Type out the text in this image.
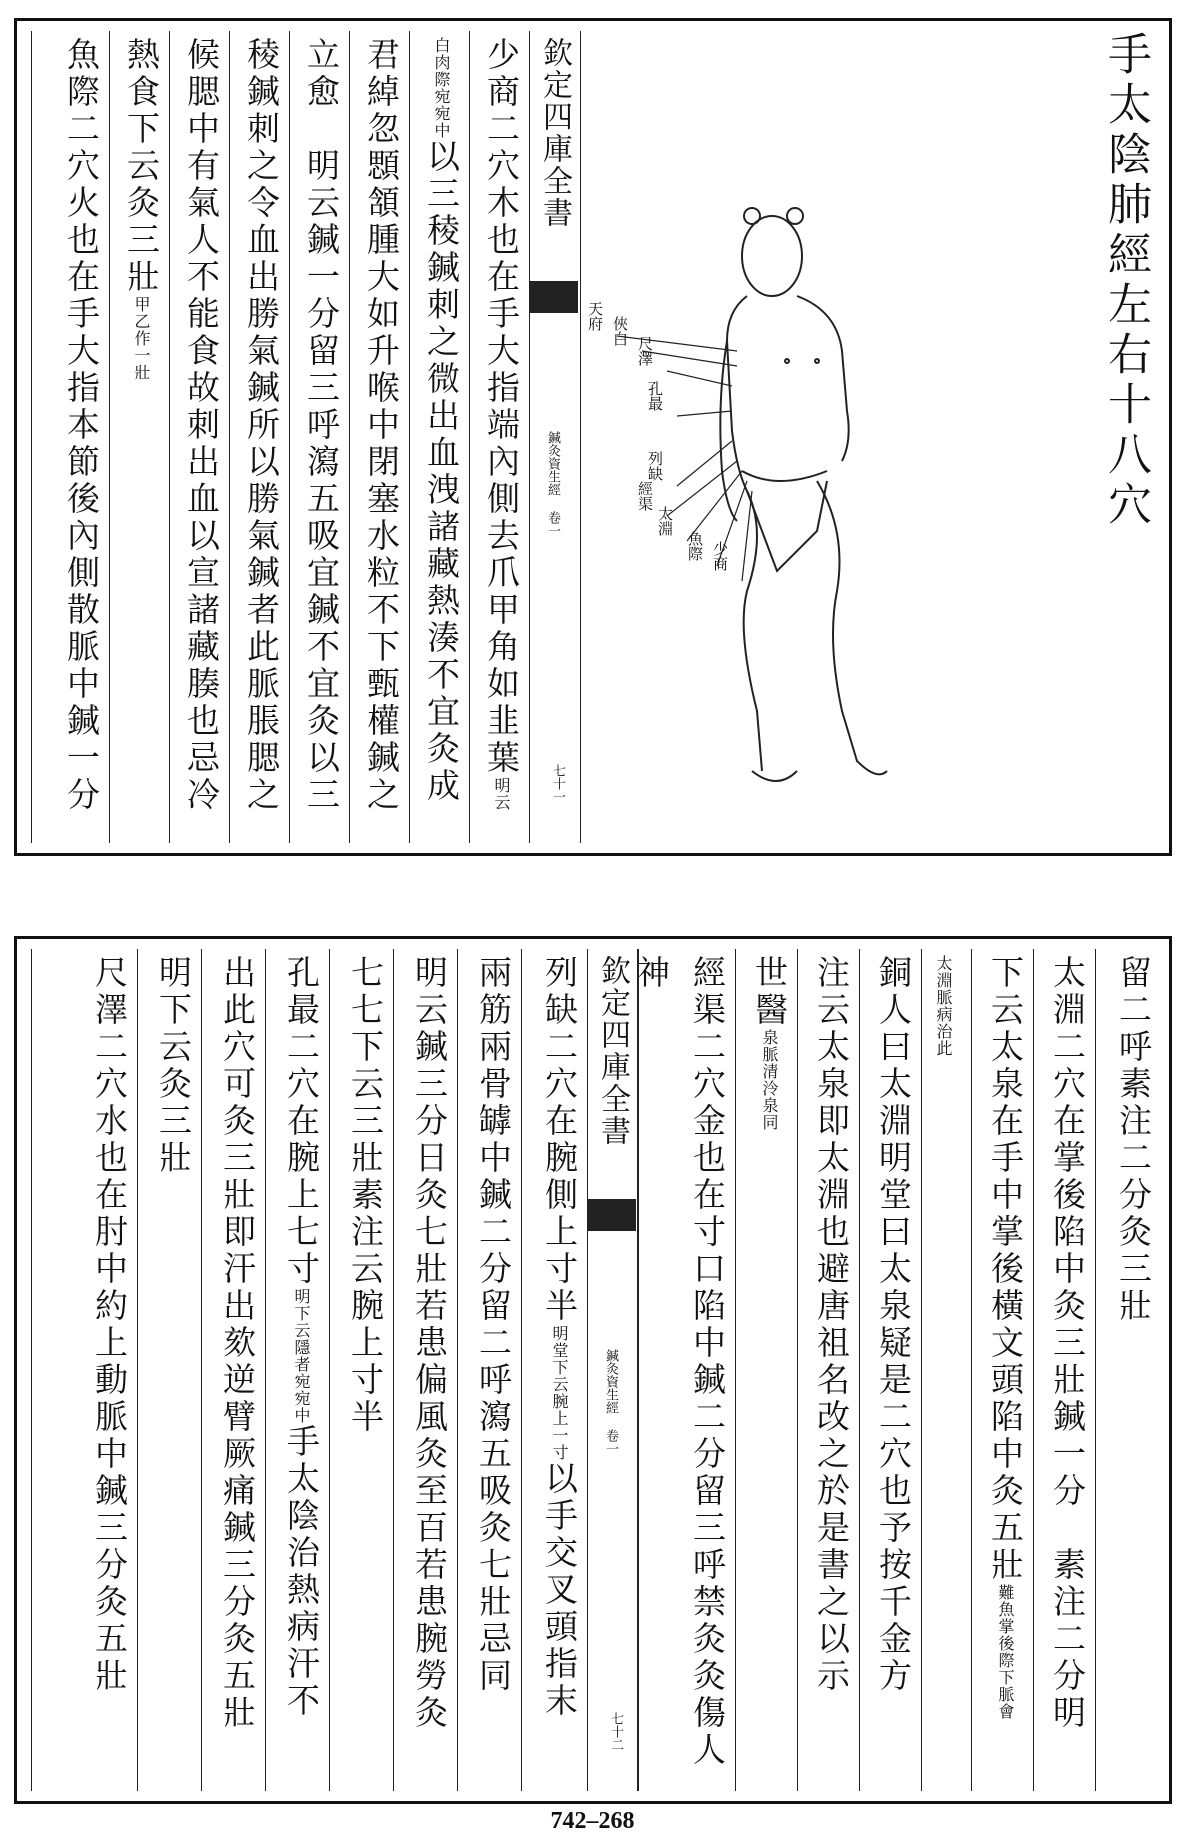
手太陰肺經左右十八穴
天府 俠白
尺澤
孔最
列缺
經渠
太淵
魚際 少商
欽定四庫全書
鍼灸資生經 卷一
七十一
少商二穴木也在手大指端內側去爪甲角如韭葉明云
白肉際宛宛中以三稜鍼刺之微出血洩諸藏熱湊不宜灸成
君綽忽顋頷腫大如升喉中閉塞水粒不下甄權鍼之
立愈　明云鍼一分留三呼瀉五吸宜鍼不宜灸以三
稜鍼刺之令血出勝氣鍼所以勝氣鍼者此脈脹腮之
候腮中有氣人不能食故刺出血以宣諸藏腠也忌冷
熱食下云灸三壯甲乙作一壯
魚際二穴火也在手大指本節後內側散脈中鍼一分
留二呼素注二分灸三壯
太淵二穴在掌後陷中灸三壯鍼一分　素注二分明
下云太泉在手中掌後橫文頭陷中灸五壯難魚掌後際下脈會
太淵脈病治此
銅人曰太淵明堂曰太泉疑是二穴也予按千金方
注云太泉即太淵也避唐祖名改之於是書之以示
世醫泉脈清泠泉同
經渠二穴金也在寸口陷中鍼二分留三呼禁灸灸傷人神
欽定四庫全書
鍼灸資生經 卷一
七十二
列缺二穴在腕側上寸半明堂下云腕上一寸以手交叉頭指末
兩筋兩骨罅中鍼二分留二呼瀉五吸灸七壯忌同
明云鍼三分日灸七壯若患偏風灸至百若患腕勞灸
七七下云三壯素注云腕上寸半
孔最二穴在腕上七寸明下云隱者宛宛中手太陰治熱病汗不
出此穴可灸三壯即汗出欬逆臂厥痛鍼三分灸五壯
明下云灸三壯
尺澤二穴水也在肘中約上動脈中鍼三分灸五壯
742–268
